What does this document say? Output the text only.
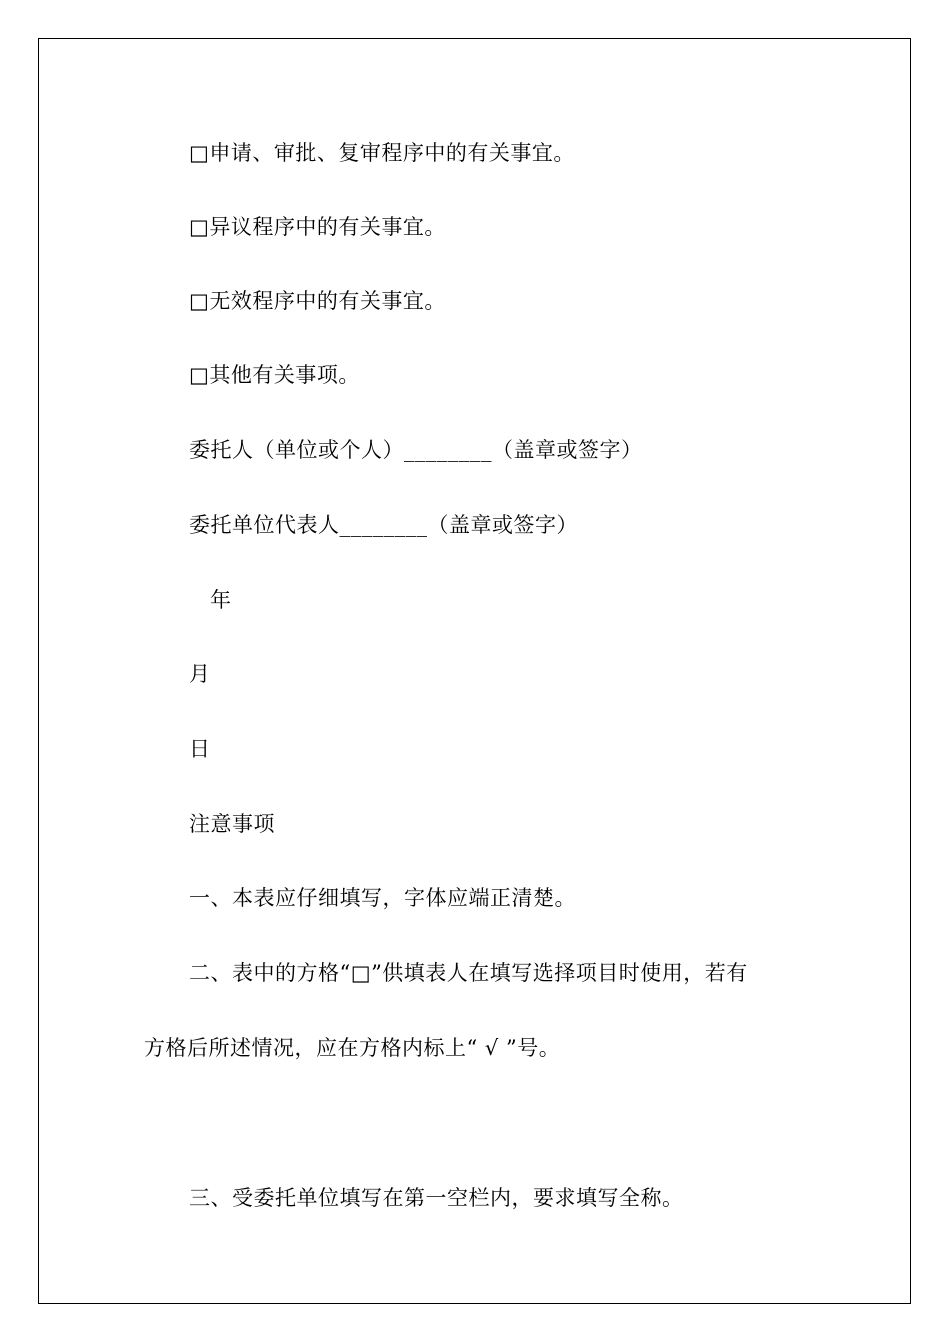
□申请、审批、复审程序中的有关事宜。
□异议程序中的有关事宜。
□无效程序中的有关事宜。
□其他有关事项。
委托人（单位或个人）________（盖章或签字）
委托单位代表人________（盖章或签字）
年
月
日
注意事项
一、本表应仔细填写，字体应端正清楚。
二、表中的方格“□”供填表人在填写选择项目时使用，若有
方格后所述情况，应在方格内标上“ √ ”号。
三、受委托单位填写在第一空栏内，要求填写全称。
